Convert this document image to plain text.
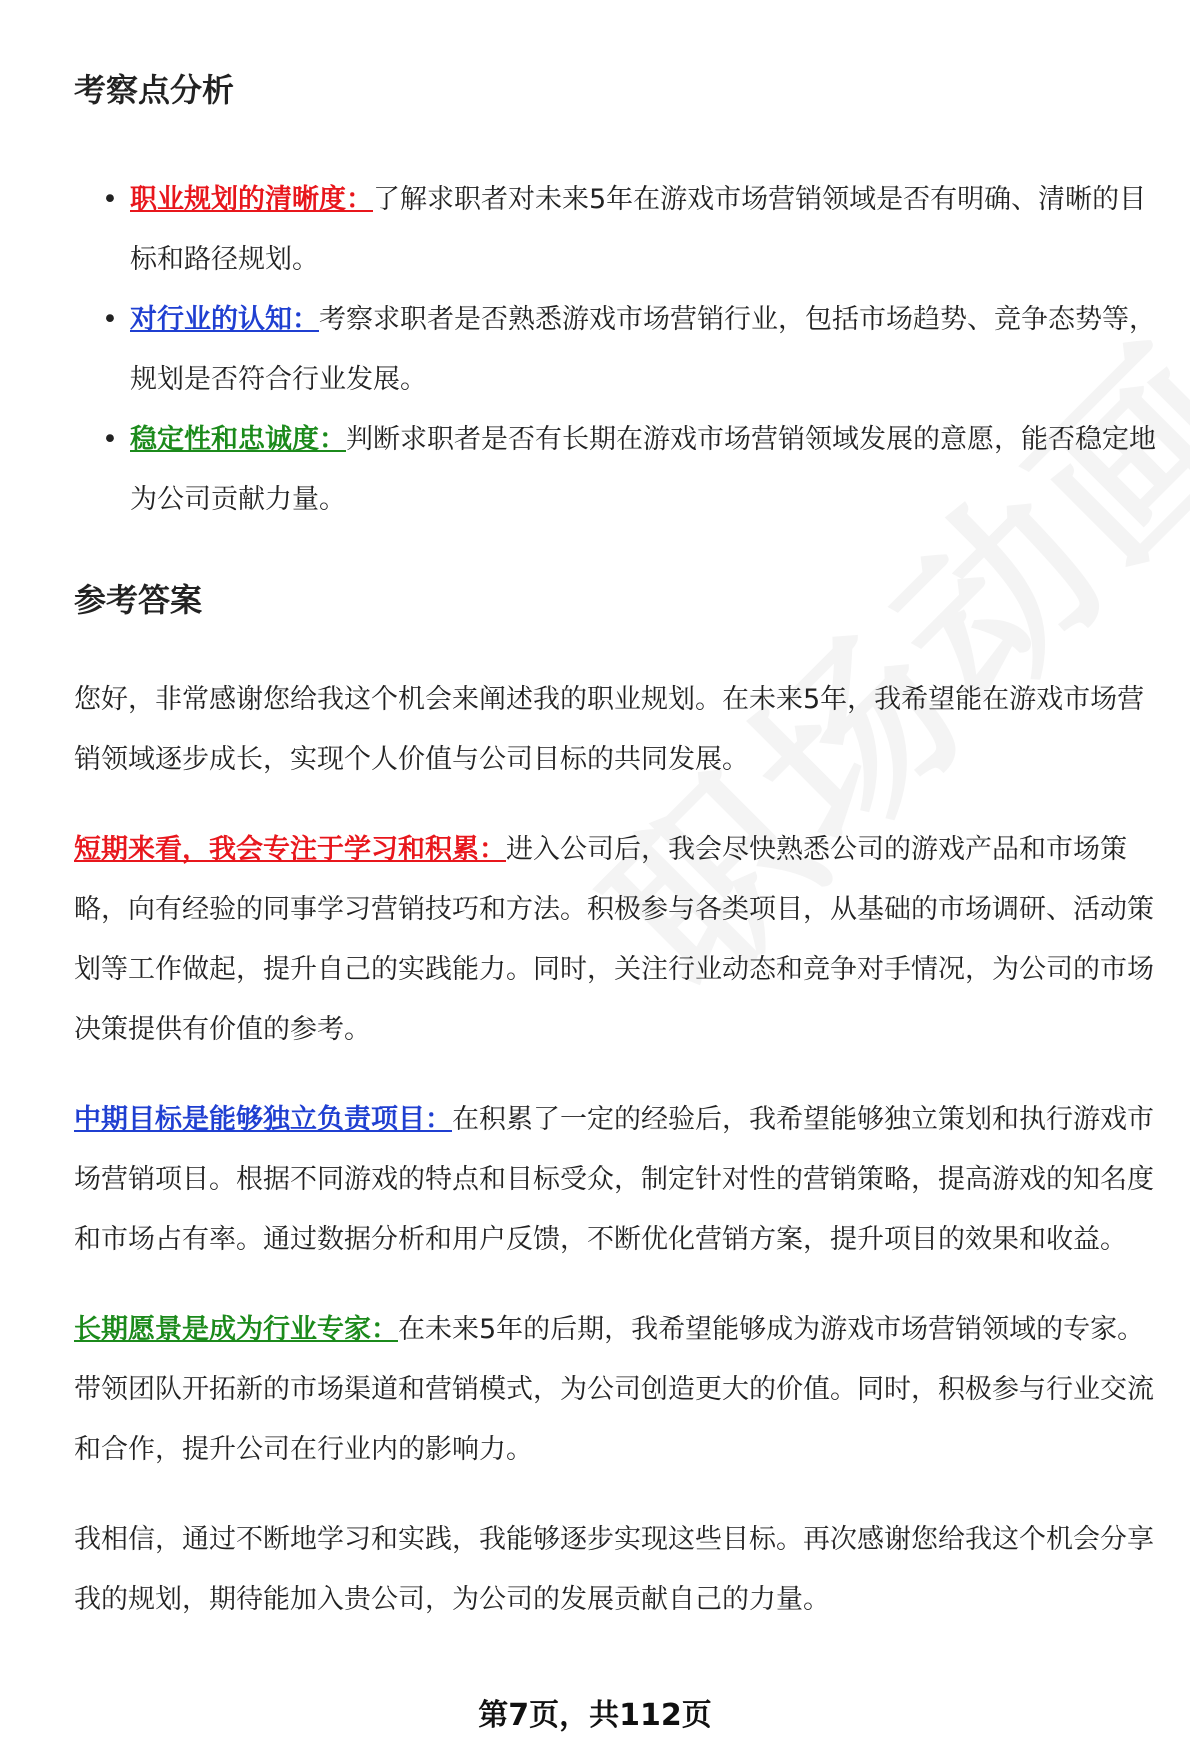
考察点分析
• 职业规划的清晰度：了解求职者对未来5年在游戏市场营销领域是否有明确、清晰的目标和路径规划。
• 对行业的认知：考察求职者是否熟悉游戏市场营销行业，包括市场趋势、竞争态势等，规划是否符合行业发展。
• 稳定性和忠诚度：判断求职者是否有长期在游戏市场营销领域发展的意愿，能否稳定地为公司贡献力量。
参考答案

您好，非常感谢您给我这个机会来阐述我的职业规划。在未来5年，我希望能在游戏市场营销领域逐步成长，实现个人价值与公司目标的共同发展。

短期来看，我会专注于学习和积累：进入公司后，我会尽快熟悉公司的游戏产品和市场策略，向有经验的同事学习营销技巧和方法。积极参与各类项目，从基础的市场调研、活动策划等工作做起，提升自己的实践能力。同时，关注行业动态和竞争对手情况，为公司的市场决策提供有价值的参考。

中期目标是能够独立负责项目：在积累了一定的经验后，我希望能够独立策划和执行游戏市场营销项目。根据不同游戏的特点和目标受众，制定针对性的营销策略，提高游戏的知名度和市场占有率。通过数据分析和用户反馈，不断优化营销方案，提升项目的效果和收益。

长期愿景是成为行业专家：在未来5年的后期，我希望能够成为游戏市场营销领域的专家。带领团队开拓新的市场渠道和营销模式，为公司创造更大的价值。同时，积极参与行业交流和合作，提升公司在行业内的影响力。

我相信，通过不断地学习和实践，我能够逐步实现这些目标。再次感谢您给我这个机会分享我的规划，期待能加入贵公司，为公司的发展贡献自己的力量。

第7页，共112页
